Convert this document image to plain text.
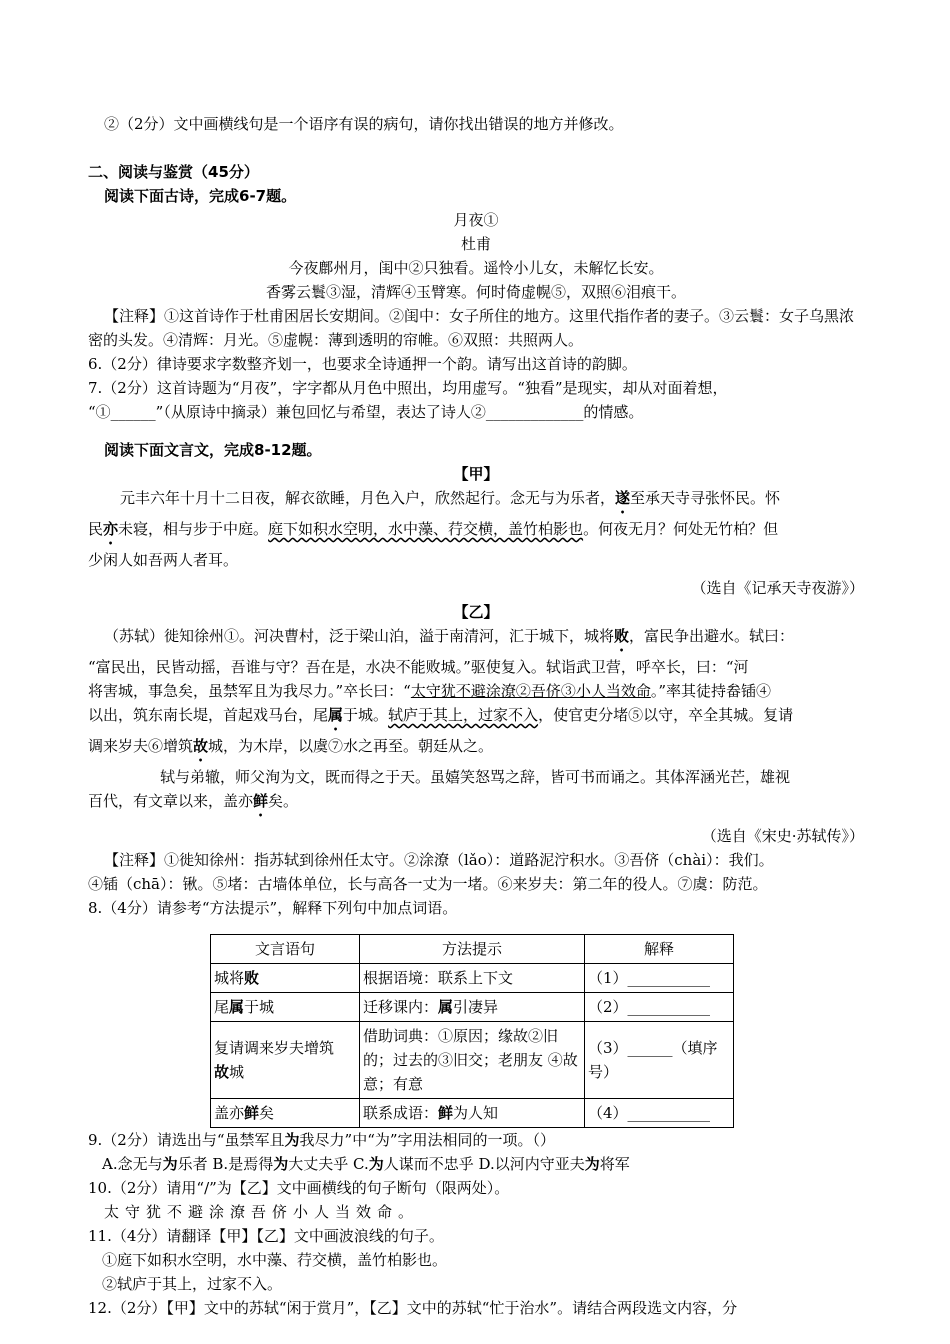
②（2分）文中画横线句是一个语序有误的病句，请你找出错误的地方并修改。

二、阅读与鉴赏（45分）

阅读下面古诗，完成6-7题。

月夜①

杜甫

今夜鄜州月，闺中②只独看。遥怜小儿女，未解忆长安。

香雾云鬟③湿，清辉④玉臂寒。何时倚虚幌⑤，双照⑥泪痕干。

【注释】①这首诗作于杜甫困居长安期间。②闺中：女子所住的地方。这里代指作者的妻子。③云鬟：女子乌黑浓密的头发。④清辉：月光。⑤虚幌：薄到透明的帘帷。⑥双照：共照两人。

6.（2分）律诗要求字数整齐划一，也要求全诗通押一个韵。请写出这首诗的韵脚。

7.（2分）这首诗题为“月夜”，字字都从月色中照出，均用虚写。“独看”是现实，却从对面着想，

“①______”（从原诗中摘录）兼包回忆与希望，表达了诗人②_____________的情感。

阅读下面文言文，完成8-12题。

【甲】

元丰六年十月十二日夜，解衣欲睡，月色入户，欣然起行。念无与为乐者，遂至承天寺寻张怀民。怀

民亦未寝，相与步于中庭。庭下如积水空明，水中藻、荇交横，盖竹柏影也。何夜无月？何处无竹柏？但

少闲人如吾两人者耳。

（选自《记承天寺夜游》）

【乙】

（苏轼）徙知徐州①。河决曹村，泛于梁山泊，溢于南清河，汇于城下，城将败，富民争出避水。轼曰：

“富民出，民皆动摇，吾谁与守？吾在是，水决不能败城。”驱使复入。轼诣武卫营，呼卒长，曰：“河

将害城，事急矣，虽禁军且为我尽力。”卒长曰：“太守犹不避涂潦②吾侪③小人当效命。”率其徒持畚锸④

以出，筑东南长堤，首起戏马台，尾属于城。轼庐于其上，过家不入，使官吏分堵⑤以守，卒全其城。复请

调来岁夫⑥增筑故城，为木岸，以虞⑦水之再至。朝廷从之。

轼与弟辙，师父洵为文，既而得之于天。虽嬉笑怒骂之辞，皆可书而诵之。其体浑涵光芒，雄视

百代，有文章以来，盖亦鲜矣。

（选自《宋史·苏轼传》）

【注释】①徙知徐州：指苏轼到徐州任太守。②涂潦（lǎo）：道路泥泞积水。③吾侪（chài）：我们。

④锸（chā）：锹。⑤堵：古墙体单位，长与高各一丈为一堵。⑥来岁夫：第二年的役人。⑦虞：防范。

8.（4分）请参考“方法提示”，解释下列句中加点词语。

文言语句	方法提示	解释
城将败	根据语境：联系上下文	（1）___________
尾属于城	迁移课内：属引凄异	（2）___________
复请调来岁夫增筑
故城	借助词典：①原因；缘故②旧的；过去的③旧交；老朋友 ④故意；有意	（3）______（填序号）
盖亦鲜矣	联系成语：鲜为人知	（4）___________

9.（2分）请选出与“虽禁军且为我尽力”中“为”字用法相同的一项。（）

A.念无与为乐者 B.是焉得为大丈夫乎 C.为人谋而不忠乎 D.以河内守亚夫为将军

10.（2分）请用“/”为【乙】文中画横线的句子断句（限两处）。

太守犹不避涂潦吾侪小人当效命。

11.（4分）请翻译【甲】【乙】文中画波浪线的句子。

①庭下如积水空明，水中藻、荇交横，盖竹柏影也。

②轼庐于其上，过家不入。

12.（2分）【甲】文中的苏轼“闲于赏月”，【乙】文中的苏轼“忙于治水”。请结合两段选文内容，分
